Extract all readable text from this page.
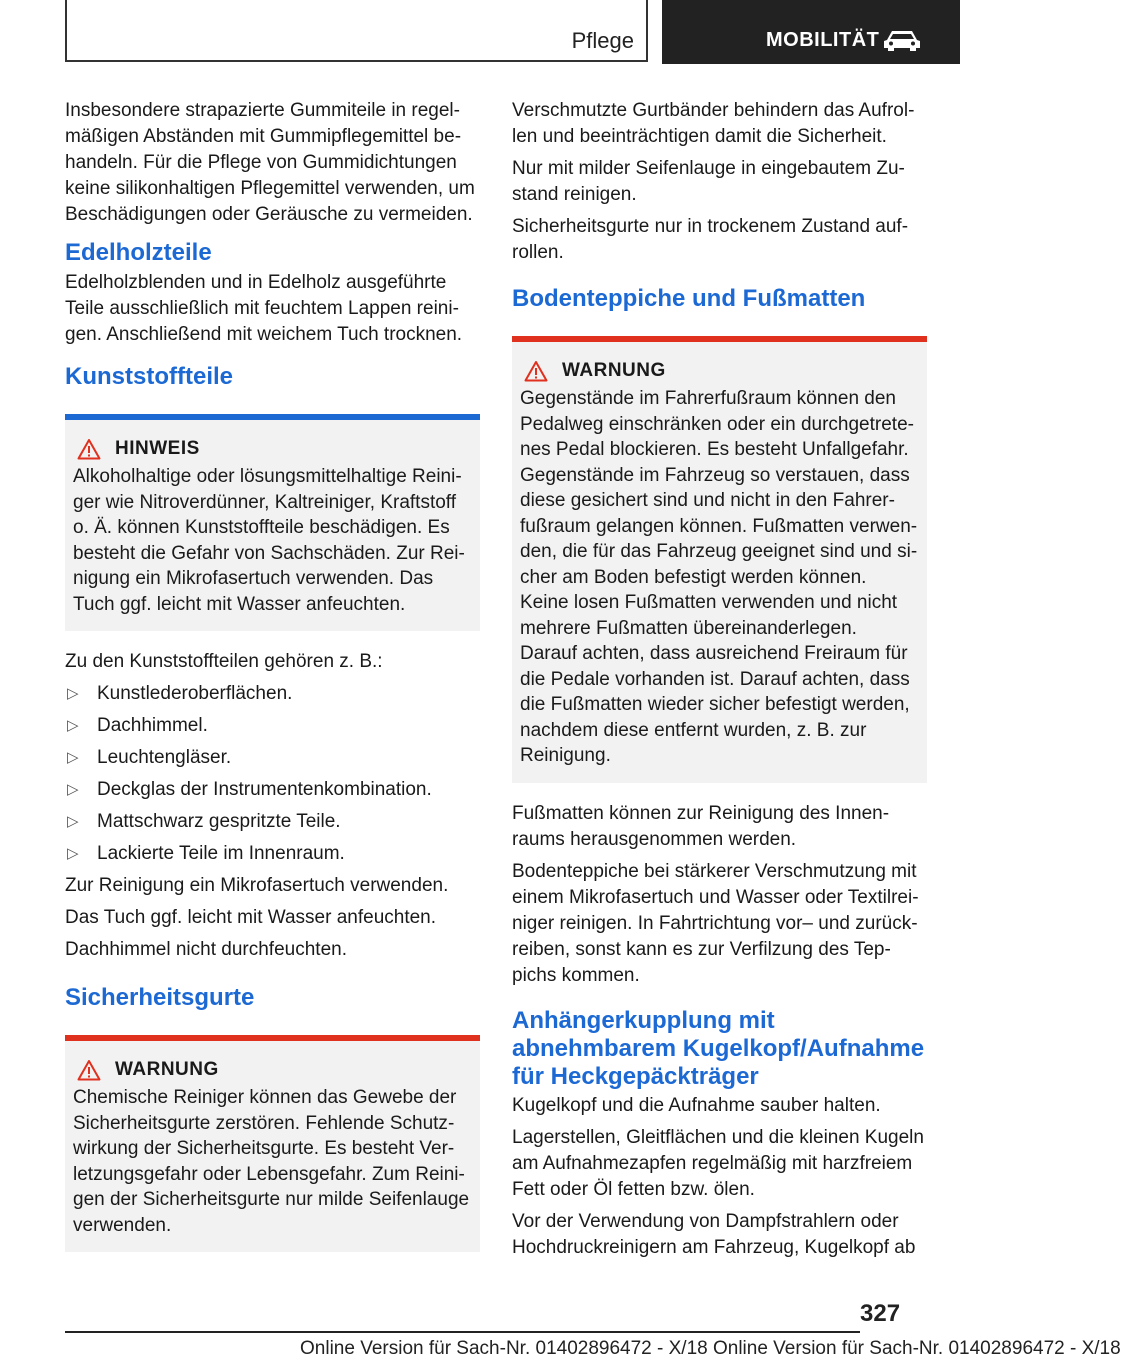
Pflege	MOBILITÄT

Insbesondere strapazierte Gummiteile in regelmäßigen Abständen mit Gummipflegemittel behandeln. Für die Pflege von Gummidichtungen keine silikonhaltigen Pflegemittel verwenden, um Beschädigungen oder Geräusche zu vermeiden.

Edelholzteile

Edelholzblenden und in Edelholz ausgeführte Teile ausschließlich mit feuchtem Lappen reinigen. Anschließend mit weichem Tuch trocknen.

Kunststoffteile
HINWEIS
Alkoholhaltige oder lösungsmittelhaltige Reiniger wie Nitroverdünner, Kaltreiniger, Kraftstoff o. Ä. können Kunststoffteile beschädigen. Es besteht die Gefahr von Sachschäden. Zur Reinigung ein Mikrofasertuch verwenden. Das Tuch ggf. leicht mit Wasser anfeuchten.

Zu den Kunststoffteilen gehören z. B.:

▷ Kunstlederoberflächen.
▷ Dachhimmel.
▷ Leuchtengläser.
▷ Deckglas der Instrumentenkombination.
▷ Mattschwarz gespritzte Teile.
▷ Lackierte Teile im Innenraum.

Zur Reinigung ein Mikrofasertuch verwenden.

Das Tuch ggf. leicht mit Wasser anfeuchten.

Dachhimmel nicht durchfeuchten.

Sicherheitsgurte
WARNUNG
Chemische Reiniger können das Gewebe der Sicherheitsgurte zerstören. Fehlende Schutzwirkung der Sicherheitsgurte. Es besteht Verletzungsgefahr oder Lebensgefahr. Zum Reinigen der Sicherheitsgurte nur milde Seifenlauge verwenden.

Verschmutzte Gurtbänder behindern das Aufrollen und beeinträchtigen damit die Sicherheit.

Nur mit milder Seifenlauge in eingebautem Zustand reinigen.

Sicherheitsgurte nur in trockenem Zustand aufrollen.

Bodenteppiche und Fußmatten
WARNUNG
Gegenstände im Fahrerfußraum können den Pedalweg einschränken oder ein durchgetretenes Pedal blockieren. Es besteht Unfallgefahr. Gegenstände im Fahrzeug so verstauen, dass diese gesichert sind und nicht in den Fahrerfußraum gelangen können. Fußmatten verwenden, die für das Fahrzeug geeignet sind und sicher am Boden befestigt werden können. Keine losen Fußmatten verwenden und nicht mehrere Fußmatten übereinanderlegen. Darauf achten, dass ausreichend Freiraum für die Pedale vorhanden ist. Darauf achten, dass die Fußmatten wieder sicher befestigt werden, nachdem diese entfernt wurden, z. B. zur Reinigung.

Fußmatten können zur Reinigung des Innenraums herausgenommen werden.

Bodenteppiche bei stärkerer Verschmutzung mit einem Mikrofasertuch und Wasser oder Textilreiniger reinigen. In Fahrtrichtung vor– und zurückreiben, sonst kann es zur Verfilzung des Teppichs kommen.

Anhängerkupplung mit abnehmbarem Kugelkopf/Aufnahme für Heckgepäckträger

Kugelkopf und die Aufnahme sauber halten.

Lagerstellen, Gleitflächen und die kleinen Kugeln am Aufnahmezapfen regelmäßig mit harzfreiem Fett oder Öl fetten bzw. ölen.

Vor der Verwendung von Dampfstrahlern oder Hochdruckreinigern am Fahrzeug, Kugelkopf ab

327
Online Version für Sach-Nr. 01402896472 - X/18 Online Version für Sach-Nr. 01402896472 - X/18
